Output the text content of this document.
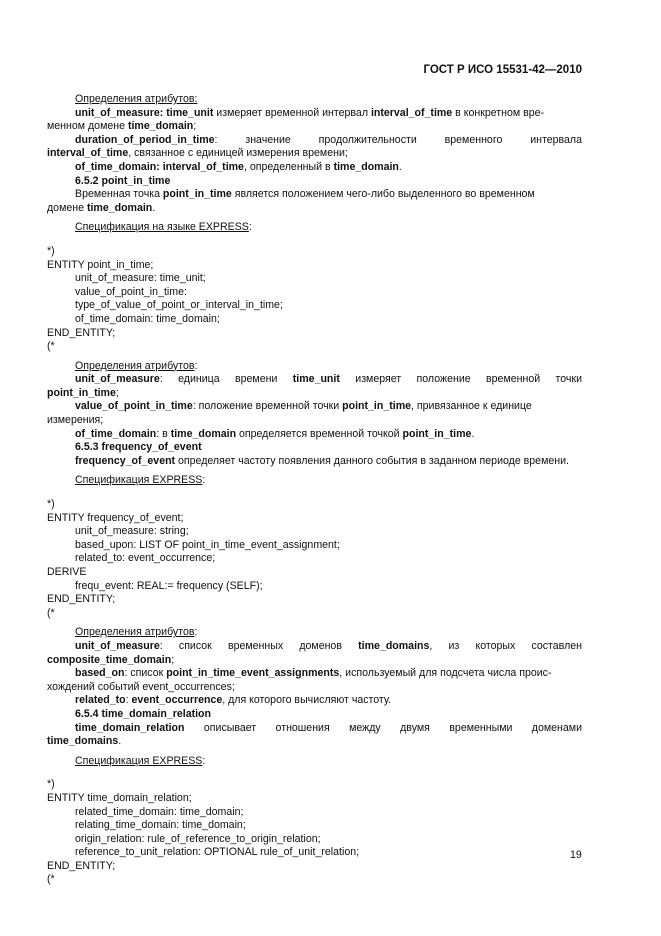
ГОСТ Р ИСО 15531-42—2010
Определения атрибутов:
unit_of_measure: time_unit измеряет временной интервал interval_of_time в конкретном вре-
менном домене time_domain;
duration_of_period_in_time: значение продолжительности временного интервала
interval_of_time, связанное с единицей измерения времени;
of_time_domain: interval_of_time, определенный в time_domain.
6.5.2 point_in_time
Временная точка point_in_time является положением чего-либо выделенного во временном
домене time_domain.
Спецификация на языке EXPRESS:
*)
ENTITY point_in_time;
unit_of_measure: time_unit;
value_of_point_in_time:
type_of_value_of_point_or_interval_in_time;
of_time_domain: time_domain;
END_ENTITY;
(*
Определения атрибутов:
unit_of_measure: единица времени time_unit измеряет положение временной точки
point_in_time;
value_of_point_in_time: положение временной точки point_in_time, привязанное к единице
измерения;
of_time_domain: в time_domain определяется временной точкой point_in_time.
6.5.3 frequency_of_event
frequency_of_event определяет частоту появления данного события в заданном периоде времени.
Спецификация EXPRESS:
*)
ENTITY frequency_of_event;
unit_of_measure: string;
based_upon: LIST OF point_in_time_event_assignment;
related_to: event_occurrence;
DERIVE
frequ_event: REAL:= frequency (SELF);
END_ENTITY;
(*
Определения атрибутов:
unit_of_measure: список временных доменов time_domains, из которых составлен
composite_time_domain;
based_on: список point_in_time_event_assignments, используемый для подсчета числа проис-
хождений событий event_occurrences;
related_to: event_occurrence, для которого вычисляют частоту.
6.5.4 time_domain_relation
time_domain_relation описывает отношения между двумя временными доменами
time_domains.
Спецификация EXPRESS:
*)
ENTITY time_domain_relation;
related_time_domain: time_domain;
relating_time_domain: time_domain;
origin_relation: rule_of_reference_to_origin_relation;
reference_to_unit_relation: OPTIONAL rule_of_unit_relation;
END_ENTITY;
(*
19
